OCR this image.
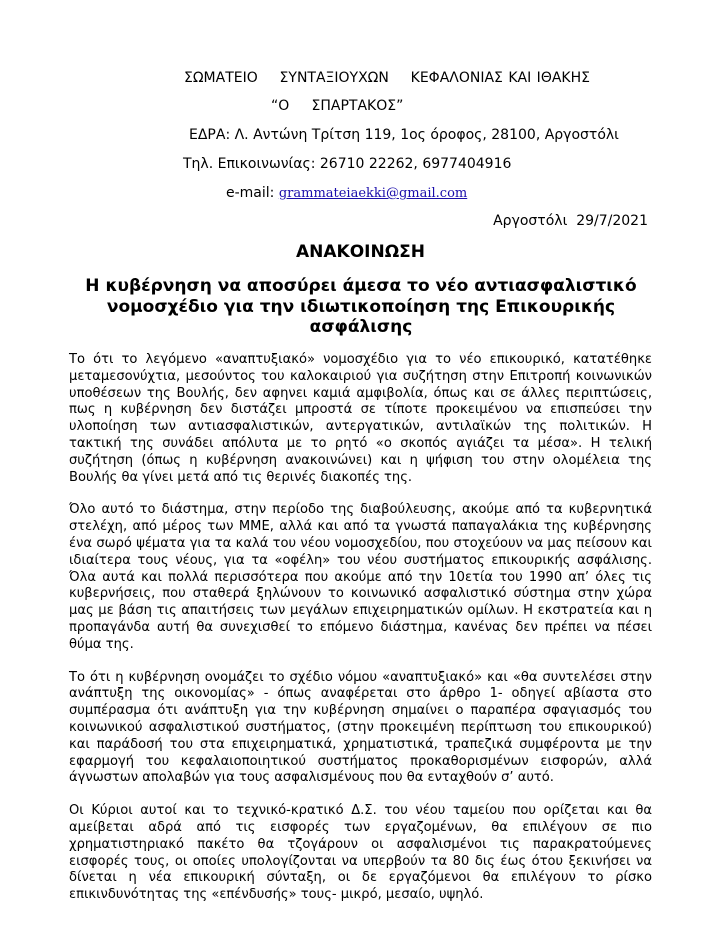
ΣΩΜΑΤΕΙΟ    ΣΥΝΤΑΞΙΟΥΧΩΝ    ΚΕΦΑΛΟΝΙΑΣ ΚΑΙ ΙΘΑΚΗΣ
“Ο     ΣΠΑΡΤΑΚΟΣ”
ΕΔΡΑ: Λ. Αντώνη Τρίτση 119, 1ος όροφος, 28100, Αργοστόλι
Τηλ. Επικοινωνίας: 26710 22262, 6977404916
e-mail: grammateiaekki@gmail.com
Αργοστόλι  29/7/2021
ΑΝΑΚΟΙΝΩΣΗ
Η κυβέρνηση να αποσύρει άμεσα το νέο αντιασφαλιστικό νομοσχέδιο για την ιδιωτικοποίηση της Επικουρικής ασφάλισης

Το ότι το λεγόμενο «αναπτυξιακό» νομοσχέδιο για το νέο επικουρικό, κατατέθηκε μεταμεσονύχτια, μεσούντος του καλοκαιριού για συζήτηση στην Επιτροπή κοινωνικών υποθέσεων της Βουλής, δεν αφηνει καμιά αμφιβολία, όπως και σε άλλες περιπτώσεις, πως η κυβέρνηση δεν διστάζει μπροστά σε τίποτε προκειμένου να επισπεύσει την υλοποίηση των αντιασφαλιστικών, αντεργατικών, αντιλαϊκών της πολιτικών. Η τακτική της συνάδει απόλυτα με το ρητό «ο σκοπός αγιάζει τα μέσα». Η τελική συζήτηση (όπως η κυβέρνηση ανακοινώνει) και η ψήφιση του στην ολομέλεια της Βουλής θα γίνει μετά από τις θερινές διακοπές της.

Όλο αυτό το διάστημα, στην περίοδο της διαβούλευσης, ακούμε από τα κυβερνητικά στελέχη, από μέρος των ΜΜΕ, αλλά και από τα γνωστά παπαγαλάκια της κυβέρνησης ένα σωρό ψέματα για τα καλά του νέου νομοσχεδίου, που στοχεύουν να μας πείσουν και ιδιαίτερα τους νέους, για τα «οφέλη» του νέου συστήματος επικουρικής ασφάλισης. Όλα αυτά και πολλά περισσότερα που ακούμε από την 10ετία του 1990 απ’ όλες τις κυβερνήσεις, που σταθερά ξηλώνουν το κοινωνικό ασφαλιστικό σύστημα στην χώρα μας με βάση τις απαιτήσεις των μεγάλων επιχειρηματικών ομίλων. Η εκστρατεία και η προπαγάνδα αυτή θα συνεχισθεί το επόμενο διάστημα, κανένας δεν πρέπει να πέσει θύμα της.

Το ότι η κυβέρνηση ονομάζει το σχέδιο νόμου «αναπτυξιακό» και «θα συντελέσει στην ανάπτυξη της οικονομίας» - όπως αναφέρεται στο άρθρο 1- οδηγεί αβίαστα στο συμπέρασμα ότι ανάπτυξη για την κυβέρνηση σημαίνει ο παραπέρα σφαγιασμός του κοινωνικού ασφαλιστικού συστήματος, (στην προκειμένη περίπτωση του επικουρικού) και παράδοσή του στα επιχειρηματικά, χρηματιστικά, τραπεζικά συμφέροντα με την εφαρμογή του κεφαλαιοποιητικού συστήματος προκαθορισμένων εισφορών, αλλά άγνωστων απολαβών για τους ασφαλισμένους που θα ενταχθούν σ’ αυτό.

Οι Κύριοι αυτοί και το τεχνικό-κρατικό Δ.Σ. του νέου ταμείου που ορίζεται και θα αμείβεται αδρά από τις εισφορές των εργαζομένων, θα επιλέγουν σε πιο χρηματιστηριακό πακέτο θα τζογάρουν οι ασφαλισμένοι τις παρακρατούμενες εισφορές τους, οι οποίες υπολογίζονται να υπερβούν τα 80 δις έως ότου ξεκινήσει να δίνεται η νέα επικουρική σύνταξη, οι δε εργαζόμενοι θα επιλέγουν το ρίσκο επικινδυνότητας της «επένδυσής» τους- μικρό, μεσαίο, υψηλό.
